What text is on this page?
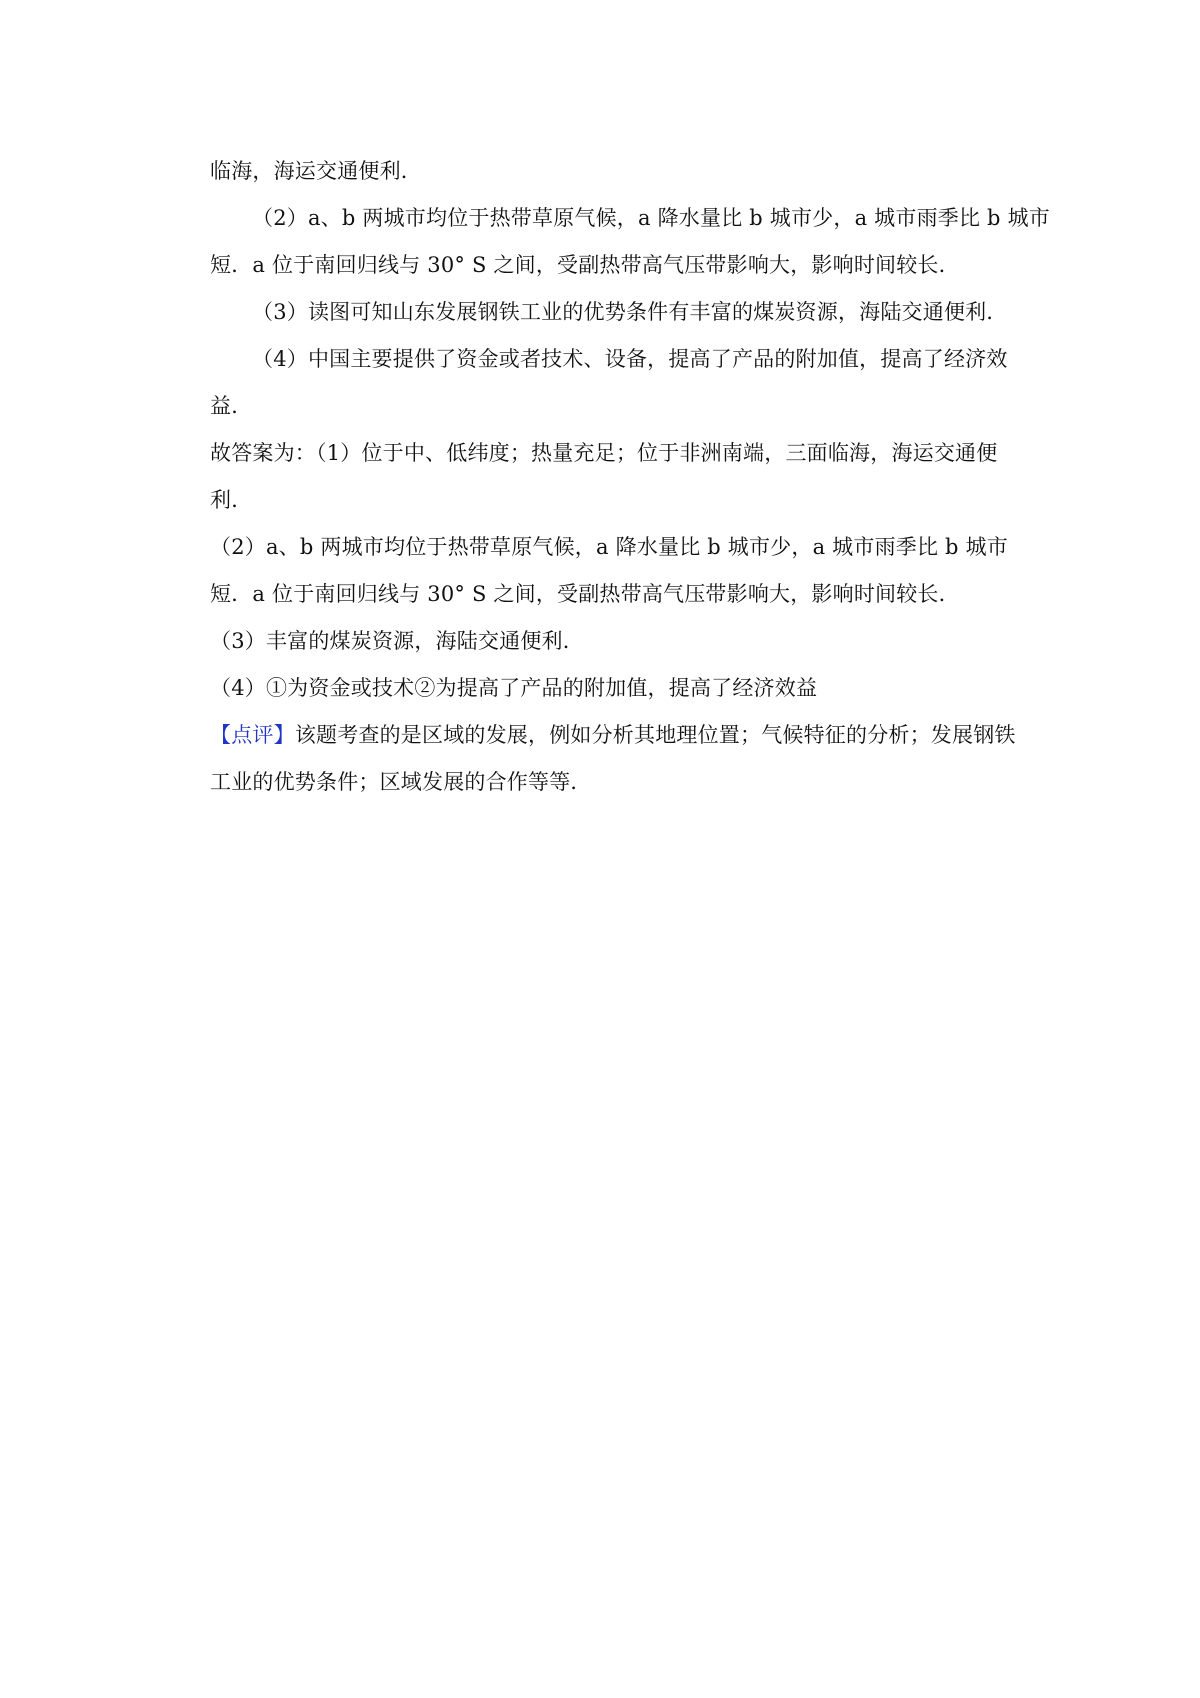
临海，海运交通便利．
（2）a、b 两城市均位于热带草原气候，a 降水量比 b 城市少，a 城市雨季比 b 城市
短．a 位于南回归线与 30° S 之间，受副热带高气压带影响大，影响时间较长．
（3）读图可知山东发展钢铁工业的优势条件有丰富的煤炭资源，海陆交通便利．
（4）中国主要提供了资金或者技术、设备，提高了产品的附加值，提高了经济效
益．
故答案为：（1）位于中、低纬度；热量充足；位于非洲南端，三面临海，海运交通便
利．
（2）a、b 两城市均位于热带草原气候，a 降水量比 b 城市少，a 城市雨季比 b 城市
短．a 位于南回归线与 30° S 之间，受副热带高气压带影响大，影响时间较长．
（3）丰富的煤炭资源，海陆交通便利．
（4）①为资金或技术②为提高了产品的附加值，提高了经济效益
【点评】该题考查的是区域的发展，例如分析其地理位置；气候特征的分析；发展钢铁
工业的优势条件；区域发展的合作等等．
